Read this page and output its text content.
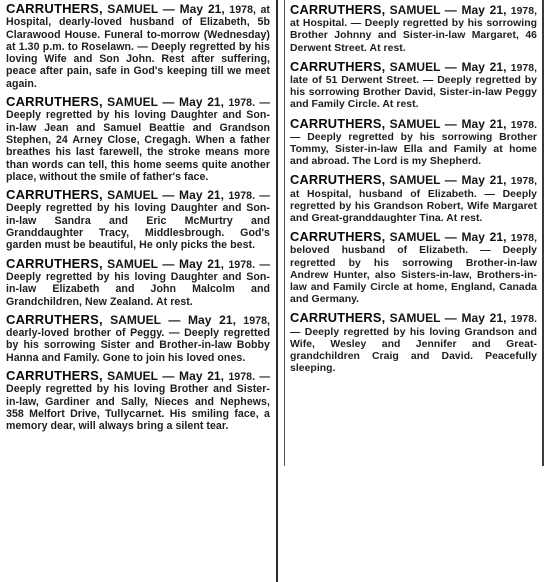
CARRUTHERS, SAMUEL — May 21, 1978, at Hospital, dearly-loved husband of Elizabeth, 5b Clarawood House. Funeral to-morrow (Wednesday) at 1.30 p.m. to Roselawn. — Deeply regretted by his loving Wife and Son John. Rest after suffering, peace after pain, safe in God's keeping till we meet again.

CARRUTHERS, SAMUEL — May 21, 1978. — Deeply regretted by his loving Daughter and Son-in-law Jean and Samuel Beattie and Grandson Stephen, 24 Arney Close, Cregagh. When a father breathes his last farewell, the stroke means more than words can tell, this home seems quite another place, without the smile of father's face.

CARRUTHERS, SAMUEL — May 21, 1978. — Deeply regretted by his loving Daughter and Son-in-law Sandra and Eric McMurtry and Granddaughter Tracy, Middlesbrough. God's garden must be beautiful, He only picks the best.

CARRUTHERS, SAMUEL — May 21, 1978. — Deeply regretted by his loving Daughter and Son-in-law Elizabeth and John Malcolm and Grandchildren, New Zealand. At rest.

CARRUTHERS, SAMUEL — May 21, 1978, dearly-loved brother of Peggy. — Deeply regretted by his sorrowing Sister and Brother-in-law Bobby Hanna and Family. Gone to join his loved ones.

CARRUTHERS, SAMUEL — May 21, 1978. — Deeply regretted by his loving Brother and Sister-in-law, Gardiner and Sally, Nieces and Nephews, 358 Melfort Drive, Tullycarnet. His smiling face, a memory dear, will always bring a silent tear.

CARRUTHERS, SAMUEL — May 21, 1978, at Hospital. — Deeply regretted by his sorrowing Brother Johnny and Sister-in-law Margaret, 46 Derwent Street. At rest.

CARRUTHERS, SAMUEL — May 21, 1978, late of 51 Derwent Street. — Deeply regretted by his sorrowing Brother David, Sister-in-law Peggy and Family Circle. At rest.

CARRUTHERS, SAMUEL — May 21, 1978. — Deeply regretted by his sorrowing Brother Tommy, Sister-in-law Ella and Family at home and abroad. The Lord is my Shepherd.

CARRUTHERS, SAMUEL — May 21, 1978, at Hospital, husband of Elizabeth. — Deeply regretted by his Grandson Robert, Wife Margaret and Great-granddaughter Tina. At rest.

CARRUTHERS, SAMUEL — May 21, 1978, beloved husband of Elizabeth. — Deeply regretted by his sorrowing Brother-in-law Andrew Hunter, also Sisters-in-law, Brothers-in-law and Family Circle at home, England, Canada and Germany.

CARRUTHERS, SAMUEL — May 21, 1978. — Deeply regretted by his loving Grandson and Wife, Wesley and Jennifer and Great-grandchildren Craig and David. Peacefully sleeping.
